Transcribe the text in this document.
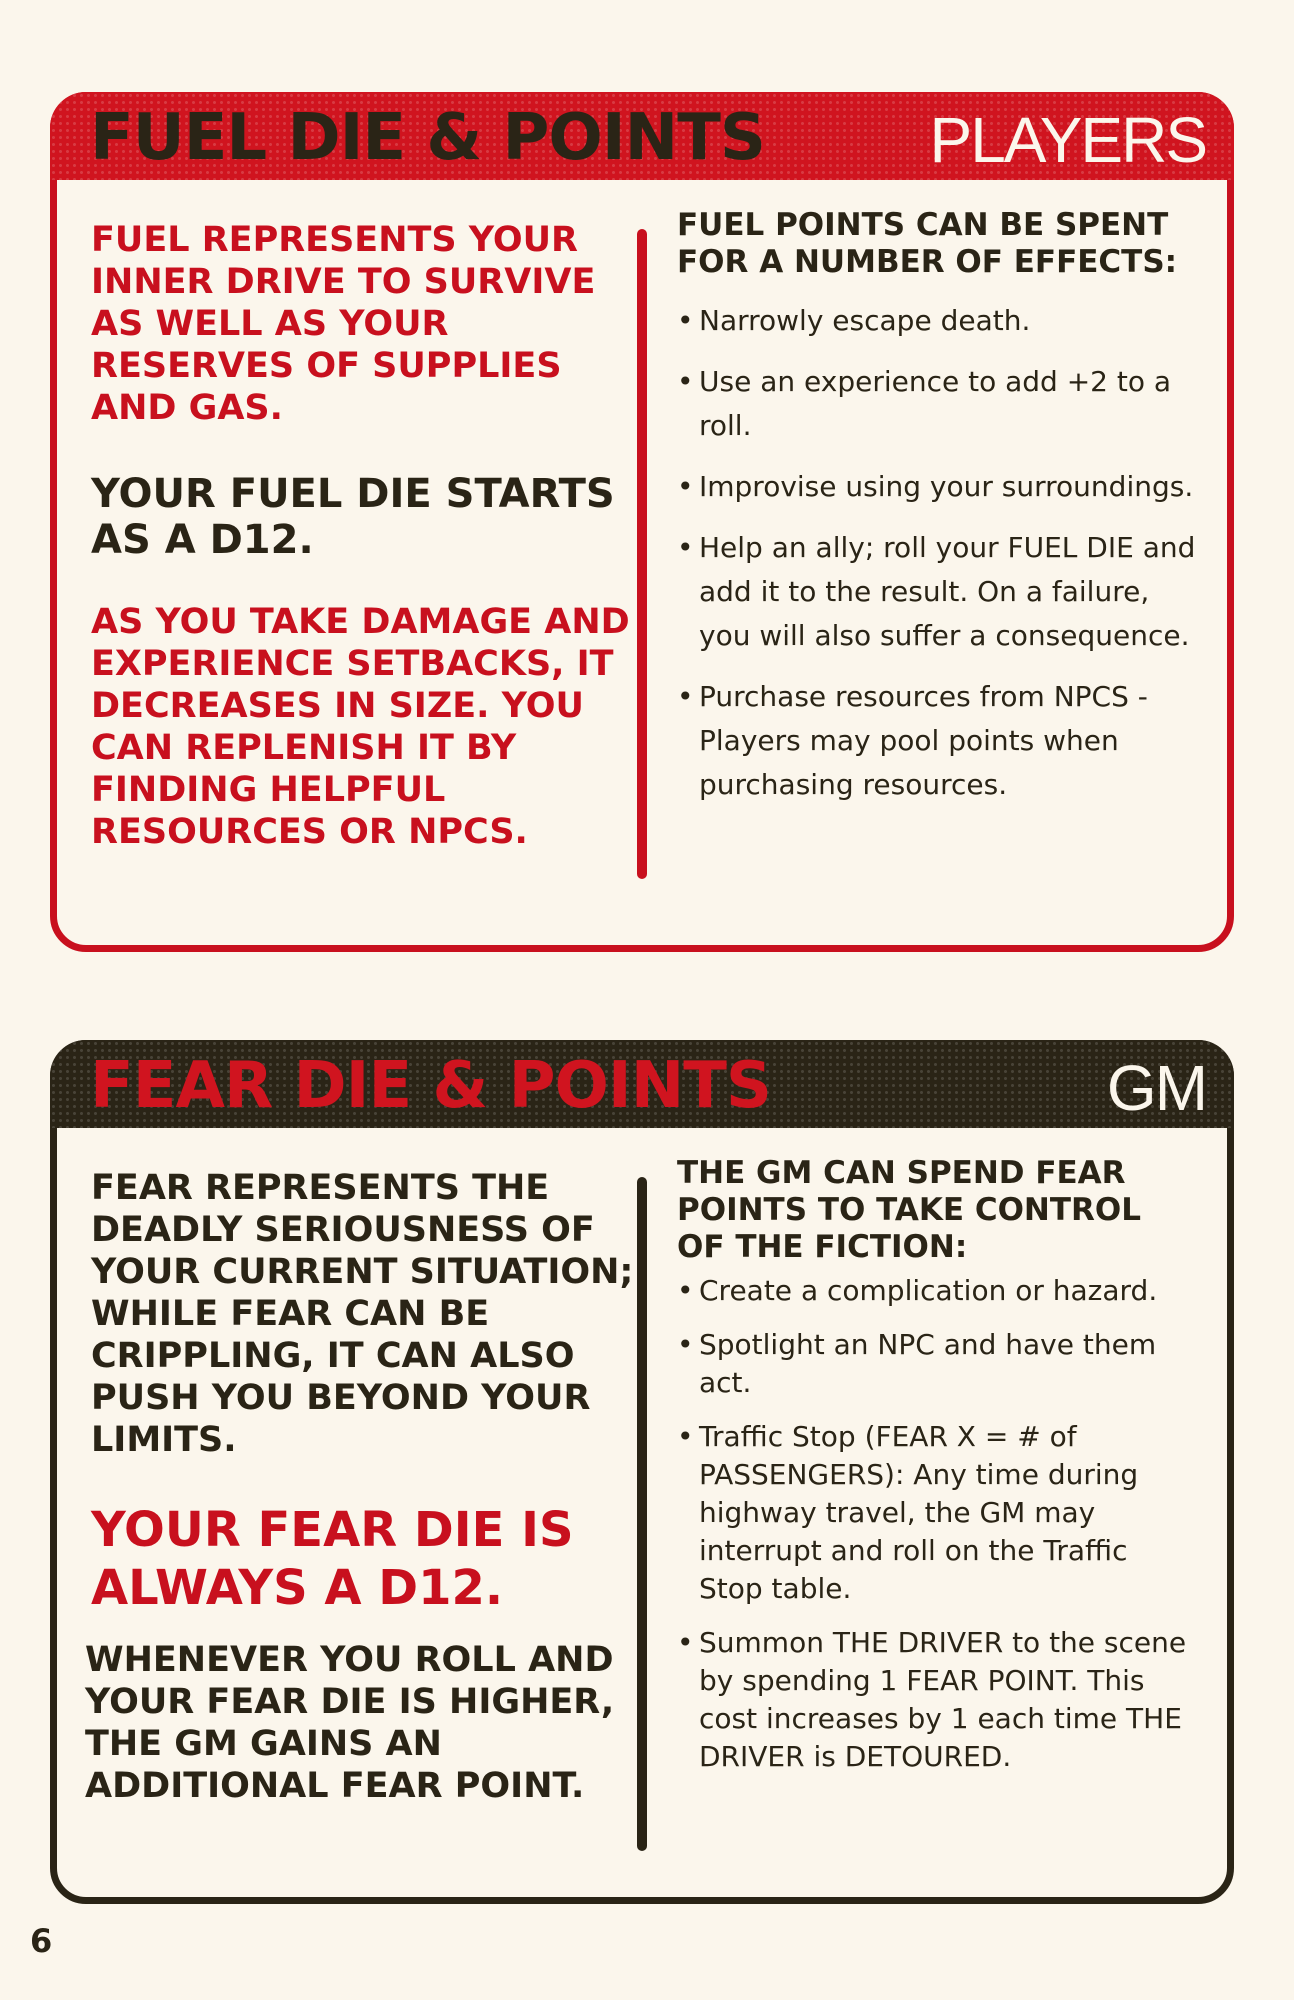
FUEL DIE & POINTS	PLAYERS

FUEL REPRESENTS YOUR INNER DRIVE TO SURVIVE AS WELL AS YOUR RESERVES OF SUPPLIES AND GAS.

YOUR FUEL DIE STARTS AS A D12.

AS YOU TAKE DAMAGE AND EXPERIENCE SETBACKS, IT DECREASES IN SIZE. YOU CAN REPLENISH IT BY FINDING HELPFUL RESOURCES OR NPCS.

FUEL POINTS CAN BE SPENT FOR A NUMBER OF EFFECTS:

• Narrowly escape death.
• Use an experience to add +2 to a roll.
• Improvise using your surroundings.
• Help an ally; roll your FUEL DIE and add it to the result. On a failure, you will also suffer a consequence.
• Purchase resources from NPCS - Players may pool points when purchasing resources.
FEAR DIE & POINTS	GM

FEAR REPRESENTS THE DEADLY SERIOUSNESS OF YOUR CURRENT SITUATION; WHILE FEAR CAN BE CRIPPLING, IT CAN ALSO PUSH YOU BEYOND YOUR LIMITS.

YOUR FEAR DIE IS ALWAYS A D12.

WHENEVER YOU ROLL AND YOUR FEAR DIE IS HIGHER, THE GM GAINS AN ADDITIONAL FEAR POINT.

THE GM CAN SPEND FEAR POINTS TO TAKE CONTROL OF THE FICTION:

• Create a complication or hazard.
• Spotlight an NPC and have them act.
• Traffic Stop (FEAR X = # of PASSENGERS): Any time during highway travel, the GM may interrupt and roll on the Traffic Stop table.
• Summon THE DRIVER to the scene by spending 1 FEAR POINT. This cost increases by 1 each time THE DRIVER is DETOURED.
6
